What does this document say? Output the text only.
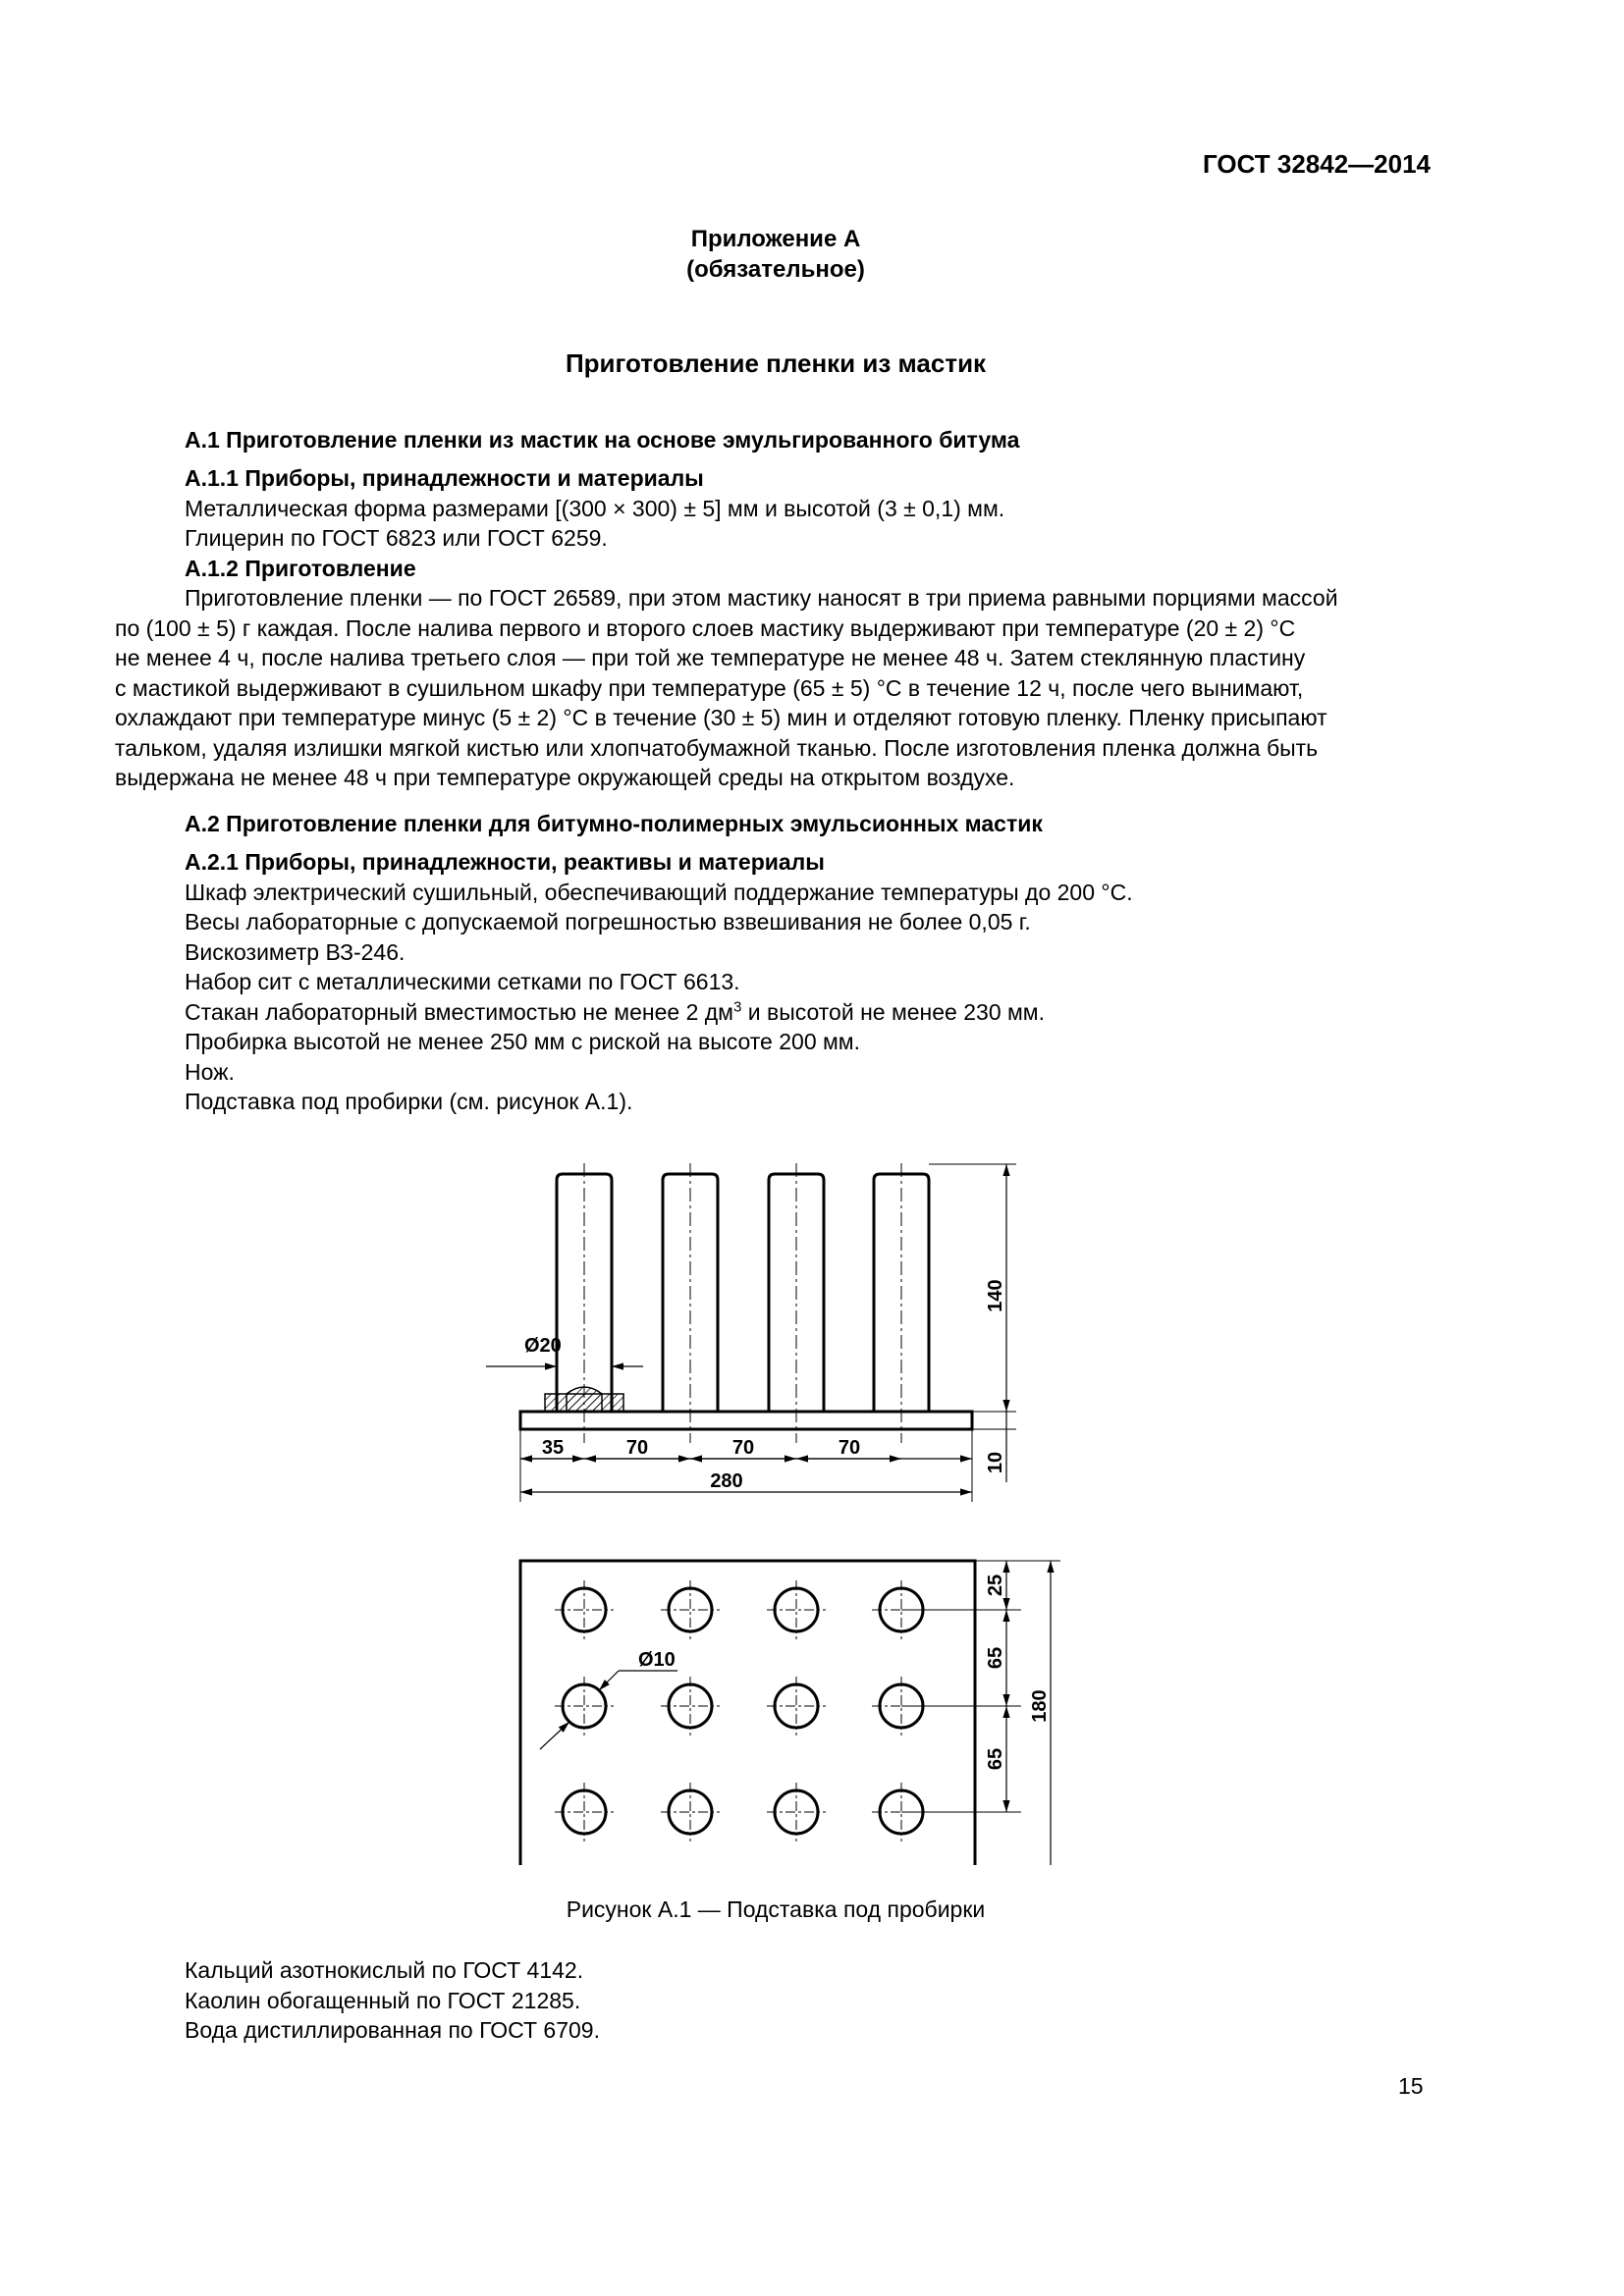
ГОСТ 32842—2014
Приложение А
(обязательное)
Приготовление пленки из мастик

А.1 Приготовление пленки из мастик на основе эмульгированного битума

А.1.1 Приборы, принадлежности и материалы

Металлическая форма размерами [(300 × 300) ± 5] мм и высотой (3 ± 0,1) мм.

Глицерин по ГОСТ 6823 или ГОСТ 6259.

А.1.2 Приготовление

Приготовление пленки — по ГОСТ 26589, при этом мастику наносят в три приема равными порциями массой

по (100 ± 5) г каждая. После налива первого и второго слоев мастику выдерживают при температуре (20 ± 2) °С

не менее 4 ч, после налива третьего слоя — при той же температуре не менее 48 ч. Затем стеклянную пластину

с мастикой выдерживают в сушильном шкафу при температуре (65 ± 5) °С в течение 12 ч, после чего вынимают,

охлаждают при температуре минус (5 ± 2) °С в течение (30 ± 5) мин и отделяют готовую пленку. Пленку присыпают

тальком, удаляя излишки мягкой кистью или хлопчатобумажной тканью. После изготовления пленка должна быть

выдержана не менее 48 ч при температуре окружающей среды на открытом воздухе.

А.2 Приготовление пленки для битумно-полимерных эмульсионных мастик

А.2.1 Приборы, принадлежности, реактивы и материалы

Шкаф электрический сушильный, обеспечивающий поддержание температуры до 200 °С.

Весы лабораторные с допускаемой погрешностью взвешивания не более 0,05 г.

Вискозиметр ВЗ-246.

Набор сит с металлическими сетками по ГОСТ 6613.

Стакан лабораторный вместимостью не менее 2 $дм^3$ и высотой не менее 230 мм.

Пробирка высотой не менее 250 мм с риской на высоте 200 мм.

Нож.

Подставка под пробирки (см. рисунок А.1).

Ø20
140
10
35	70	70	70
280
Ø10
25
65
65
180
Рисунок А.1 — Подставка под пробирки

Кальций азотнокислый по ГОСТ 4142.

Каолин обогащенный по ГОСТ 21285.

Вода дистиллированная по ГОСТ 6709.

15
